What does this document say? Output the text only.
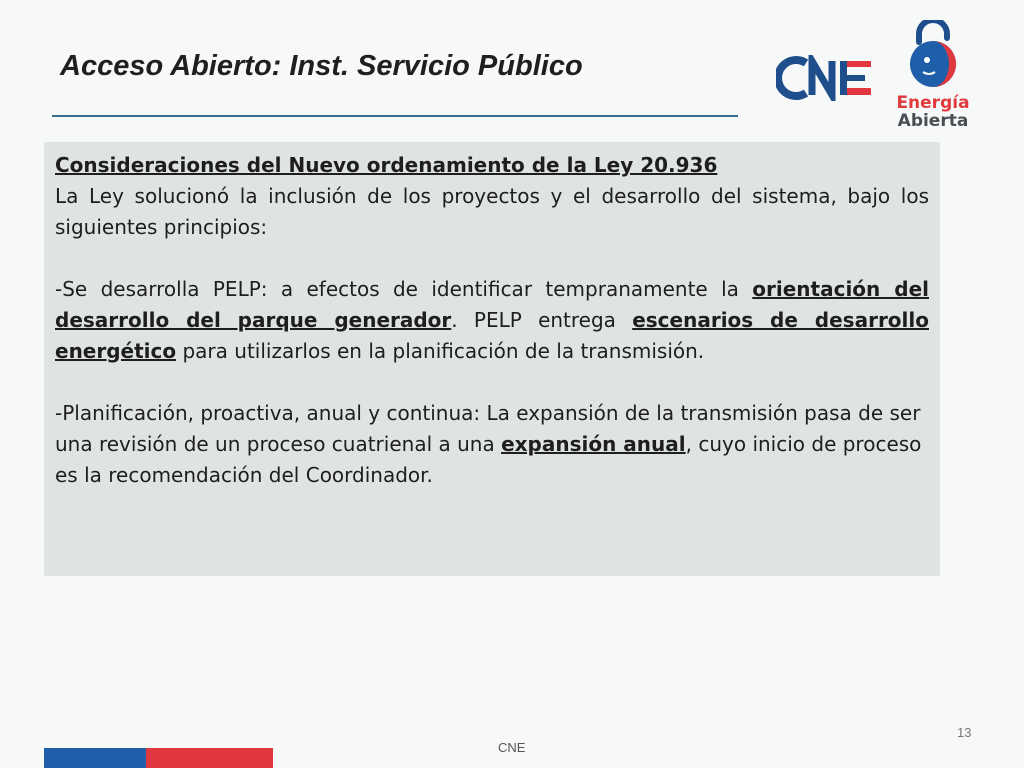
Acceso Abierto: Inst. Servicio Público
Energía
Abierta

Consideraciones del Nuevo ordenamiento de la Ley 20.936

La Ley solucionó la inclusión de los proyectos y el desarrollo del sistema, bajo los siguientes principios:

-Se desarrolla PELP: a efectos de identificar tempranamente la orientación del desarrollo del parque generador. PELP entrega escenarios de desarrollo energético para utilizarlos en la planificación de la transmisión.

-Planificación, proactiva, anual y continua: La expansión de la transmisión pasa de ser una revisión de un proceso cuatrienal a una expansión anual, cuyo inicio de proceso es la recomendación del Coordinador.

13
CNE
